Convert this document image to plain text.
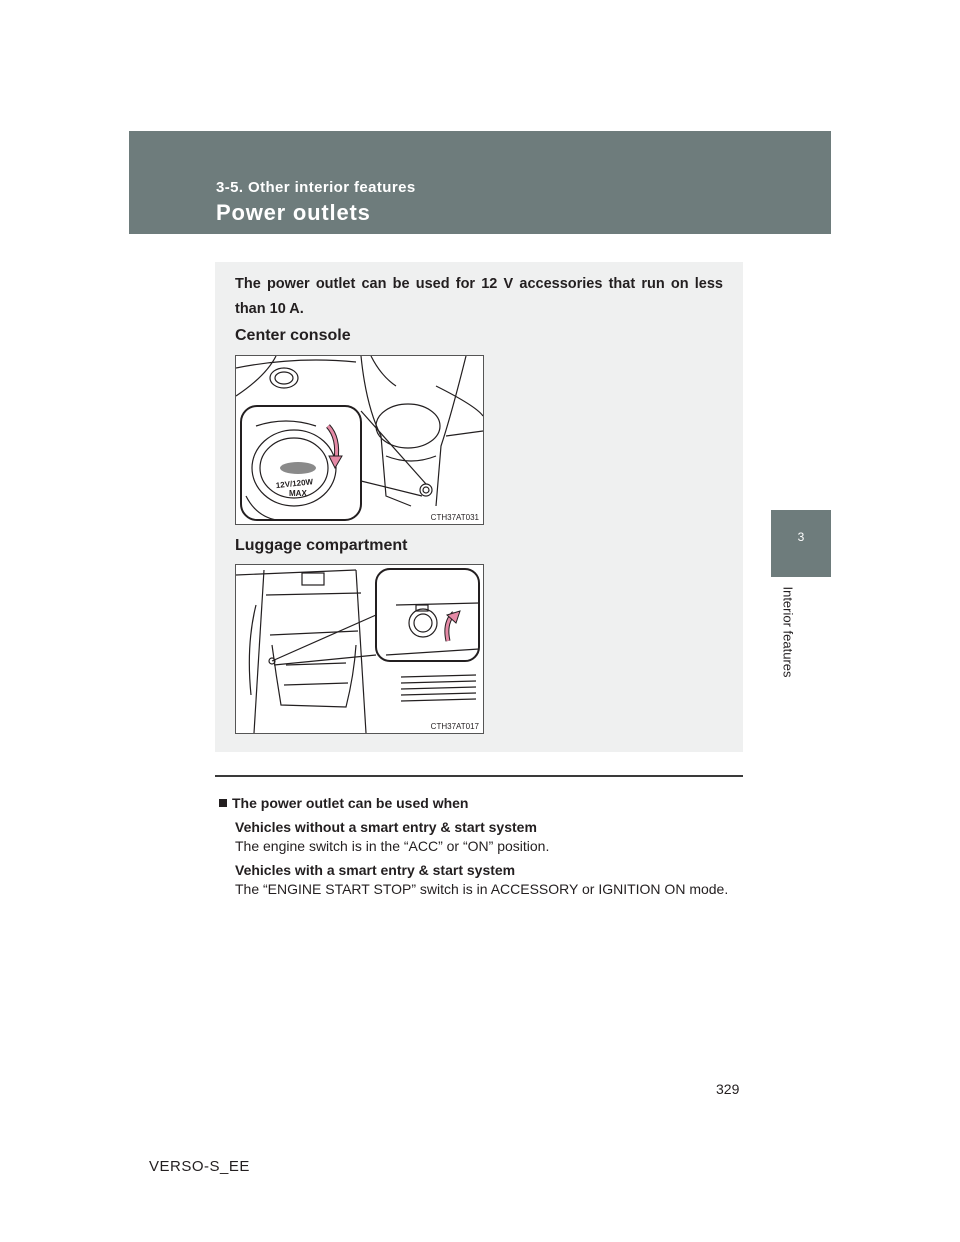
3-5. Other interior features
Power outlets
3
Interior features
The power outlet can be used for 12 V accessories that run on less than 10 A.
Center console
12V/120W
MAX
CTH37AT031
Luggage compartment
CTH37AT017

The power outlet can be used when

Vehicles without a smart entry & start system

The engine switch is in the “ACC” or “ON” position.

Vehicles with a smart entry & start system

The “ENGINE START STOP” switch is in ACCESSORY or IGNITION ON mode.

329
VERSO-S_EE
